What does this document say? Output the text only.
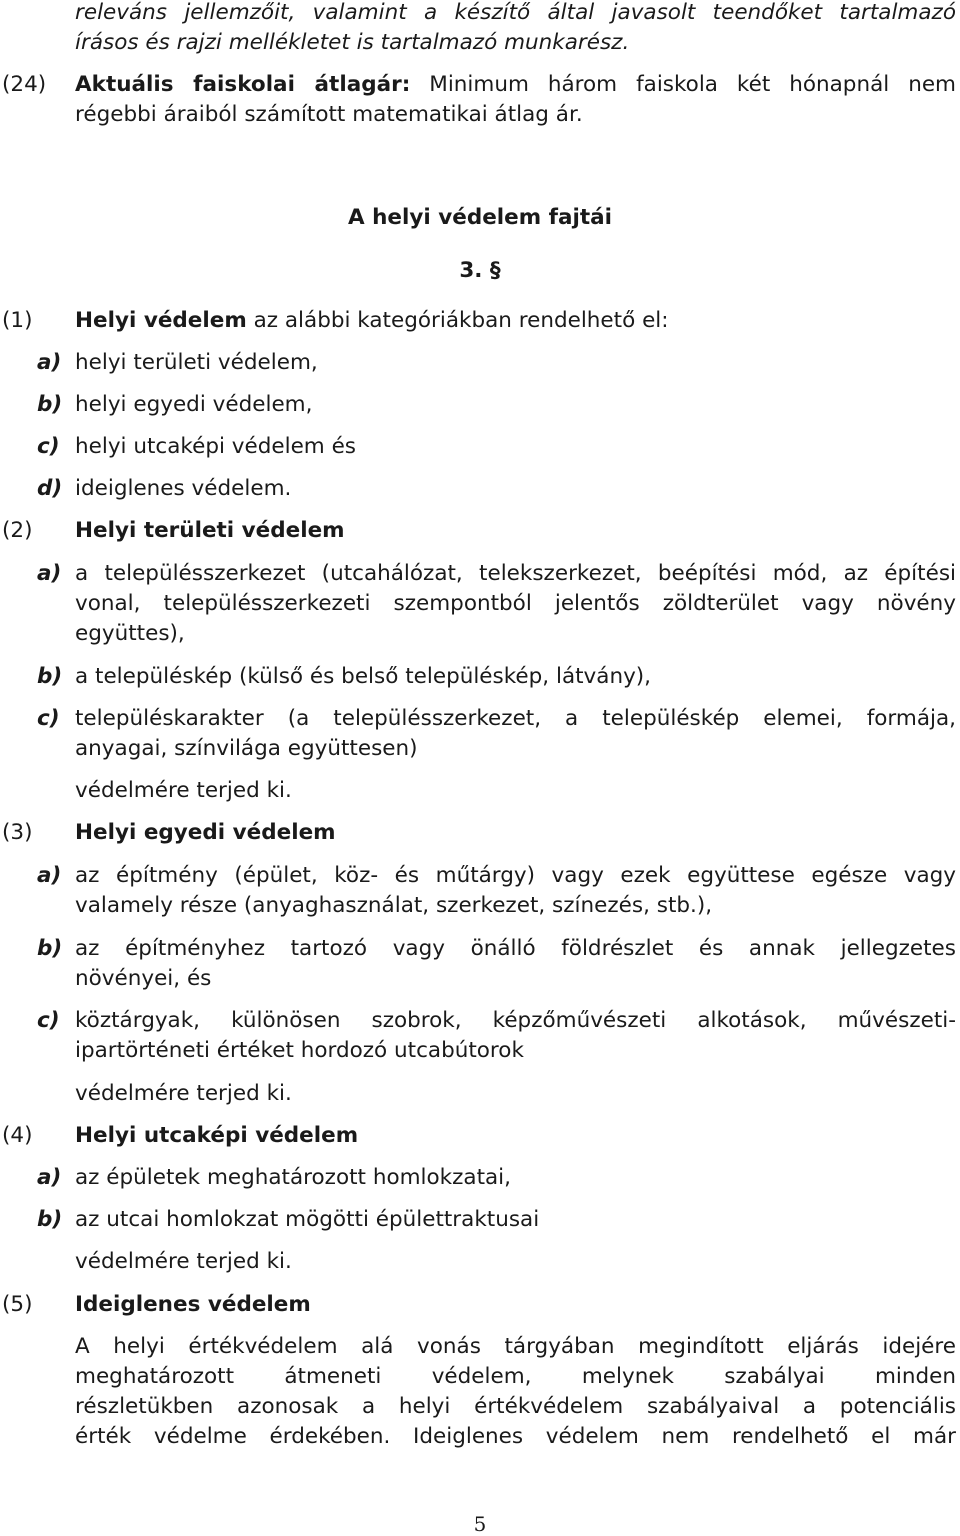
releváns jellemzőit, valamint a készítő által javasolt teendőket tartalmazó
írásos és rajzi mellékletet is tartalmazó munkarész.
(24) Aktuális faiskolai átlagár: Minimum három faiskola két hónapnál nem
régebbi áraiból számított matematikai átlag ár.
A helyi védelem fajtái
3. §
(1) Helyi védelem az alábbi kategóriákban rendelhető el:
a) helyi területi védelem,
b) helyi egyedi védelem,
c) helyi utcaképi védelem és
d) ideiglenes védelem.
(2) Helyi területi védelem
a) a településszerkezet (utcahálózat, telekszerkezet, beépítési mód, az építési
vonal, településszerkezeti szempontból jelentős zöldterület vagy növény
együttes),
b) a településkép (külső és belső településkép, látvány),
c) településkarakter (a településszerkezet, a településkép elemei, formája,
anyagai, színvilága együttesen)
védelmére terjed ki.
(3) Helyi egyedi védelem
a) az építmény (épület, köz- és műtárgy) vagy ezek együttese egésze vagy
valamely része (anyaghasználat, szerkezet, színezés, stb.),
b) az építményhez tartozó vagy önálló földrészlet és annak jellegzetes
növényei, és
c) köztárgyak, különösen szobrok, képzőművészeti alkotások, művészeti-
ipartörténeti értéket hordozó utcabútorok
védelmére terjed ki.
(4) Helyi utcaképi védelem
a) az épületek meghatározott homlokzatai,
b) az utcai homlokzat mögötti épülettraktusai
védelmére terjed ki.
(5) Ideiglenes védelem
A helyi értékvédelem alá vonás tárgyában megindított eljárás idejére
meghatározott átmeneti védelem, melynek szabályai minden
részletükben azonosak a helyi értékvédelem szabályaival a potenciális
érték védelme érdekében. Ideiglenes védelem nem rendelhető el már
5
